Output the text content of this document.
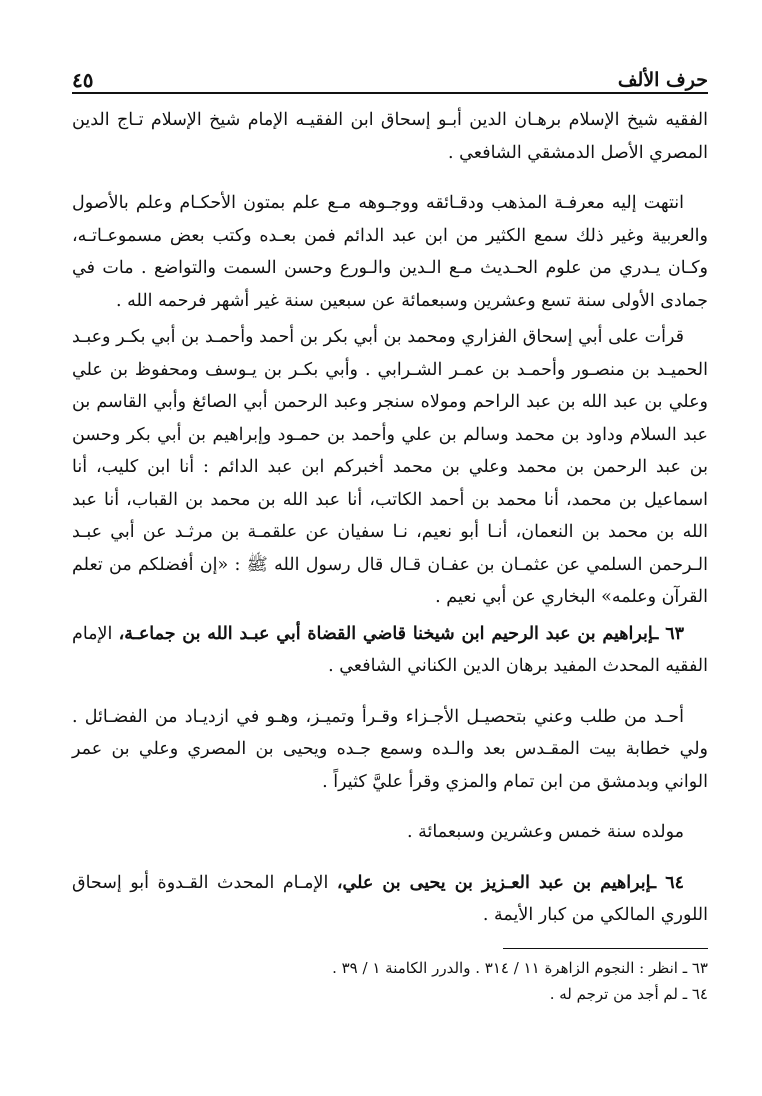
حرف الألف
٤٥

الفقيه شيخ الإسلام برهـان الدين أبـو إسحاق ابن الفقيـه الإمام شيخ الإسلام تـاج الدين المصري الأصل الدمشقي الشافعي .

انتهت إليه معرفـة المذهب ودقـائقه ووجـوهه مـع علم بمتون الأحكـام وعلم بالأصول والعربية وغير ذلك سمع الكثير من ابن عبد الدائم فمن بعـده وكتب بعض مسموعـاتـه، وكـان يـدري من علوم الحـديث مـع الـدين والـورع وحسن السمت والتواضع . مات في جمادى الأولى سنة تسع وعشرين وسبعمائة عن سبعين سنة غير أشهر فرحمه الله .

قرأت على أبي إسحاق الفزاري ومحمد بن أبي بكر بن أحمد وأحمـد بن أبي بكـر وعبـد الحميـد بن منصـور وأحمـد بن عمـر الشـرابي . وأبي بكـر بن يـوسف ومحفوظ بن علي وعلي بن عبد الله بن عبد الراحم ومولاه سنجر وعبد الرحمن أبي الصائغ وأبي القاسم بن عبد السلام وداود بن محمد وسالم بن علي وأحمد بن حمـود وإبراهيم بن أبي بكر وحسن بن عبد الرحمن بن محمد وعلي بن محمد أخبركم ابن عبد الدائم : أنا ابن كليب، أنا اسماعيل بن محمد، أنا محمد بن أحمد الكاتب، أنا عبد الله بن محمد بن القباب، أنا عبد الله بن محمد بن النعمان، أنـا أبو نعيم، نـا سفيان عن علقمـة بن مرثـد عن أبي عبـد الـرحمن السلمي عن عثمـان بن عفـان قـال قال رسول الله ﷺ : «إن أفضلكم من تعلم القرآن وعلمه» البخاري عن أبي نعيم .

٦٣ ـإبراهيم بن عبد الرحيم ابن شيخنا قاضي القضاة أبي عبـد الله بن جماعـة، الإمام الفقيه المحدث المفيد برهان الدين الكناني الشافعي .

أحـد من طلب وعني بتحصيـل الأجـزاء وقـرأ وتميـز، وهـو في ازديـاد من الفضـائل . ولي خطابة بيت المقـدس بعد والـده وسمع جـده ويحيى بن المصري وعلي بن عمر الواني وبدمشق من ابن تمام والمزي وقرأ عليَّ كثيراً .

مولده سنة خمس وعشرين وسبعمائة .

٦٤ ـإبراهيم بن عبد العـزيز بن يحيى بن علي، الإمـام المحدث القـدوة أبو إسحاق اللوري المالكي من كبار الأيمة .

٦٣ ـ انظر : النجوم الزاهرة ١١ / ٣١٤ . والدرر الكامنة ١ / ٣٩ .

٦٤ ـ لم أجد من ترجم له .
